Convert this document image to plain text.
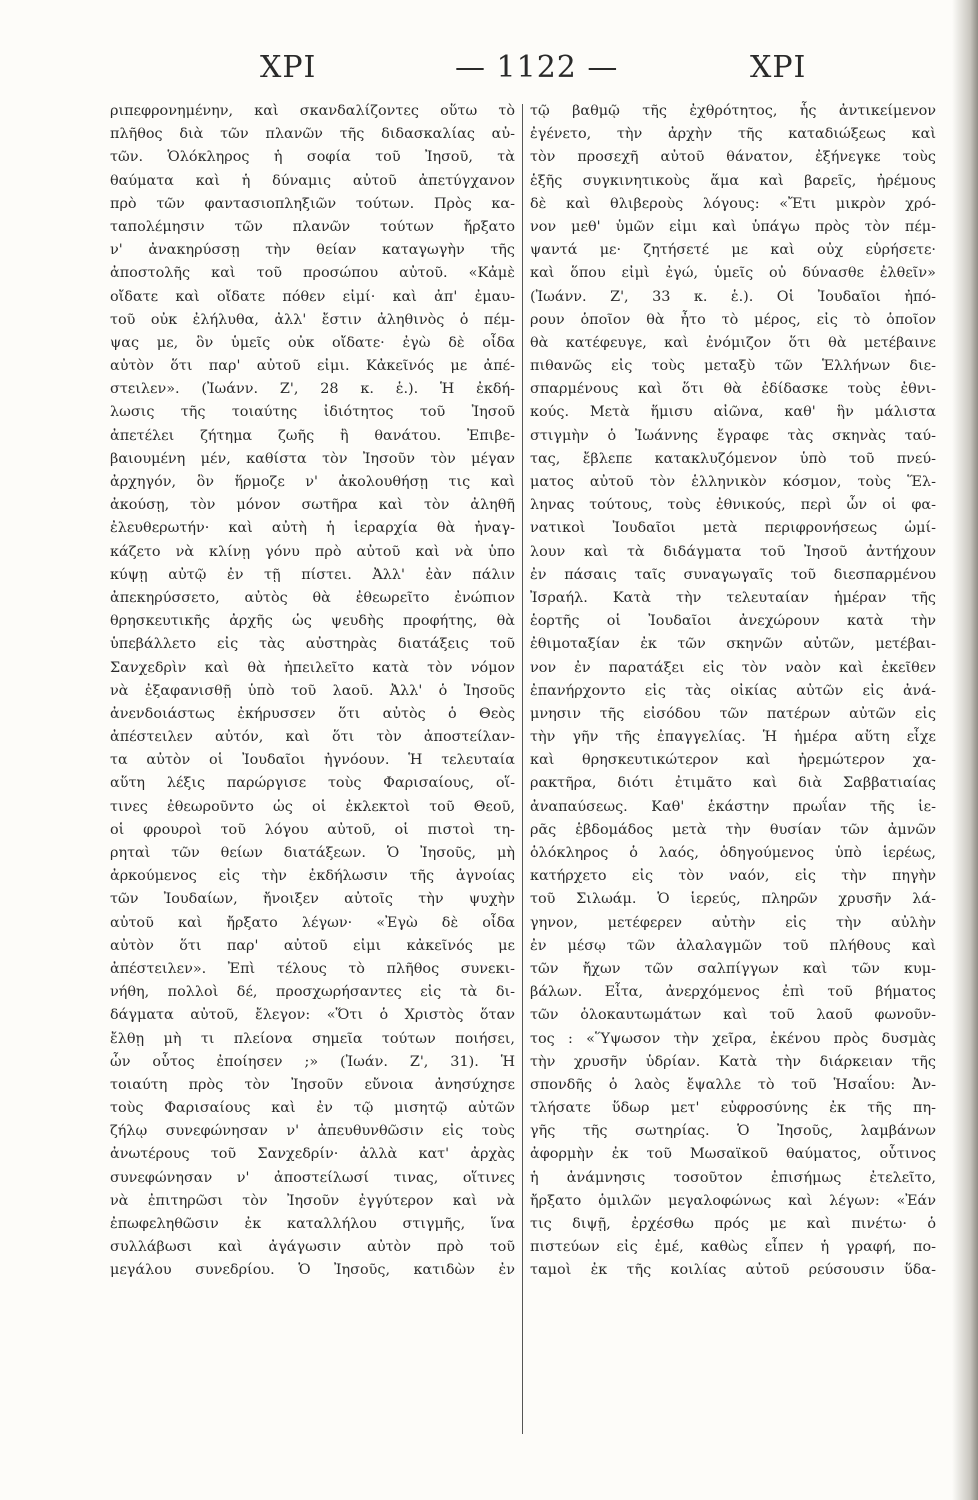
ΧΡΙ	— 1122 —	ΧΡΙ
ριπεφρονημένην, καὶ σκανδαλίζοντες οὕτω τὸ
πλῆθος διὰ τῶν πλανῶν τῆς διδασκαλίας αὐ-
τῶν. Ὁλόκληρος ἡ σοφία τοῦ Ἰησοῦ, τὰ
θαύματα καὶ ἡ δύναμις αὐτοῦ ἀπετύγχανον
πρὸ τῶν φαντασιοπληξιῶν τούτων. Πρὸς κα-
ταπολέμησιν τῶν πλανῶν τούτων ἤρξατο
ν' ἀνακηρύσσῃ τὴν θείαν καταγωγὴν τῆς
ἀποστολῆς καὶ τοῦ προσώπου αὐτοῦ. «Κἀμὲ
οἴδατε καὶ οἴδατε πόθεν εἰμί· καὶ ἀπ' ἐμαυ-
τοῦ οὐκ ἐλήλυθα, ἀλλ' ἔστιν ἀληθινὸς ὁ πέμ-
ψας με, ὃν ὑμεῖς οὐκ οἴδατε· ἐγὼ δὲ οἶδα
αὐτὸν ὅτι παρ' αὐτοῦ εἰμι. Κἀκεῖνός με ἀπέ-
στειλεν». (Ἰωάνν. Ζ', 28 κ. ἑ.). Ἡ ἐκδή-
λωσις τῆς τοιαύτης ἰδιότητος τοῦ Ἰησοῦ
ἀπετέλει ζήτημα ζωῆς ἢ θανάτου. Ἐπιβε-
βαιουμένη μέν, καθίστα τὸν Ἰησοῦν τὸν μέγαν
ἀρχηγόν, ὃν ἥρμοζε ν' ἀκολουθήσῃ τις καὶ
ἀκούσῃ, τὸν μόνον σωτῆρα καὶ τὸν ἀληθῆ
ἐλευθερωτήν· καὶ αὐτὴ ἡ ἱεραρχία θὰ ἠναγ-
κάζετο νὰ κλίνῃ γόνυ πρὸ αὐτοῦ καὶ νὰ ὑπο
κύψῃ αὐτῷ ἐν τῇ πίστει. Ἀλλ' ἐὰν πάλιν
ἀπεκηρύσσετο, αὐτὸς θὰ ἐθεωρεῖτο ἐνώπιον
θρησκευτικῆς ἀρχῆς ὡς ψευδὴς προφήτης, θὰ
ὑπεβάλλετο εἰς τὰς αὐστηρὰς διατάξεις τοῦ
Σανχεδρὶν καὶ θὰ ἠπειλεῖτο κατὰ τὸν νόμον
νὰ ἐξαφανισθῇ ὑπὸ τοῦ λαοῦ. Ἀλλ' ὁ Ἰησοῦς
ἀνενδοιάστως ἐκήρυσσεν ὅτι αὐτὸς ὁ Θεὸς
ἀπέστειλεν αὐτόν, καὶ ὅτι τὸν ἀποστείλαν-
τα αὐτὸν οἱ Ἰουδαῖοι ἠγνόουν. Ἡ τελευταία
αὕτη λέξις παρώργισε τοὺς Φαρισαίους, οἵ-
τινες ἐθεωροῦντο ὡς οἱ ἐκλεκτοὶ τοῦ Θεοῦ,
οἱ φρουροὶ τοῦ λόγου αὐτοῦ, οἱ πιστοὶ τη-
ρηταὶ τῶν θείων διατάξεων. Ὁ Ἰησοῦς, μὴ
ἀρκούμενος εἰς τὴν ἐκδήλωσιν τῆς ἀγνοίας
τῶν Ἰουδαίων, ἤνοιξεν αὐτοῖς τὴν ψυχὴν
αὐτοῦ καὶ ἤρξατο λέγων· «Ἐγὼ δὲ οἶδα
αὐτὸν ὅτι παρ' αὐτοῦ εἰμι κἀκεῖνός με
ἀπέστειλεν». Ἐπὶ τέλους τὸ πλῆθος συνεκι-
νήθη, πολλοὶ δέ, προσχωρήσαντες εἰς τὰ δι-
δάγματα αὐτοῦ, ἔλεγον: «Ὅτι ὁ Χριστὸς ὅταν
ἔλθῃ μὴ τι πλείονα σημεῖα τούτων ποιήσει,
ὧν οὗτος ἐποίησεν ;» (Ἰωάν. Ζ', 31). Ἡ
τοιαύτη πρὸς τὸν Ἰησοῦν εὔνοια ἀνησύχησε
τοὺς Φαρισαίους καὶ ἐν τῷ μισητῷ αὐτῶν
ζήλῳ συνεφώνησαν ν' ἀπευθυνθῶσιν εἰς τοὺς
ἀνωτέρους τοῦ Σανχεδρίν· ἀλλὰ κατ' ἀρχὰς
συνεφώνησαν ν' ἀποστείλωσί τινας, οἵτινες
νὰ ἐπιτηρῶσι τὸν Ἰησοῦν ἐγγύτερον καὶ νὰ
ἐπωφεληθῶσιν ἐκ καταλλήλου στιγμῆς, ἵνα
συλλάβωσι καὶ ἀγάγωσιν αὐτὸν πρὸ τοῦ
μεγάλου συνεδρίου. Ὁ Ἰησοῦς, κατιδὼν ἐν
τῷ βαθμῷ τῆς ἐχθρότητος, ἧς ἀντικείμενον
ἐγένετο, τὴν ἀρχὴν τῆς καταδιώξεως καὶ
τὸν προσεχῆ αὐτοῦ θάνατον, ἐξήνεγκε τοὺς
ἑξῆς συγκινητικοὺς ἅμα καὶ βαρεῖς, ἠρέμους
δὲ καὶ θλιβεροὺς λόγους: «Ἔτι μικρὸν χρό-
νον μεθ' ὑμῶν εἰμι καὶ ὑπάγω πρὸς τὸν πέμ-
ψαντά με· ζητήσετέ με καὶ οὐχ εὑρήσετε·
καὶ ὅπου εἰμὶ ἐγώ, ὑμεῖς οὐ δύνασθε ἐλθεῖν»
(Ἰωάνν. Ζ', 33 κ. ἑ.). Οἱ Ἰουδαῖοι ἠπό-
ρουν ὁποῖον θὰ ἦτο τὸ μέρος, εἰς τὸ ὁποῖον
θὰ κατέφευγε, καὶ ἐνόμιζον ὅτι θὰ μετέβαινε
πιθανῶς εἰς τοὺς μεταξὺ τῶν Ἑλλήνων διε-
σπαρμένους καὶ ὅτι θὰ ἐδίδασκε τοὺς ἐθνι-
κούς. Μετὰ ἥμισυ αἰῶνα, καθ' ἣν μάλιστα
στιγμὴν ὁ Ἰωάννης ἔγραφε τὰς σκηνὰς ταύ-
τας, ἔβλεπε κατακλυζόμενον ὑπὸ τοῦ πνεύ-
ματος αὐτοῦ τὸν ἑλληνικὸν κόσμον, τοὺς Ἕλ-
ληνας τούτους, τοὺς ἐθνικούς, περὶ ὧν οἱ φα-
νατικοὶ Ἰουδαῖοι μετὰ περιφρονήσεως ὡμί-
λουν καὶ τὰ διδάγματα τοῦ Ἰησοῦ ἀντήχουν
ἐν πάσαις ταῖς συναγωγαῖς τοῦ διεσπαρμένου
Ἰσραήλ. Κατὰ τὴν τελευταίαν ἡμέραν τῆς
ἑορτῆς οἱ Ἰουδαῖοι ἀνεχώρουν κατὰ τὴν
ἐθιμοταξίαν ἐκ τῶν σκηνῶν αὐτῶν, μετέβαι-
νον ἐν παρατάξει εἰς τὸν ναὸν καὶ ἐκεῖθεν
ἐπανήρχοντο εἰς τὰς οἰκίας αὐτῶν εἰς ἀνά-
μνησιν τῆς εἰσόδου τῶν πατέρων αὐτῶν εἰς
τὴν γῆν τῆς ἐπαγγελίας. Ἡ ἡμέρα αὕτη εἶχε
καὶ θρησκευτικώτερον καὶ ἠρεμώτερον χα-
ρακτῆρα, διότι ἐτιμᾶτο καὶ διὰ Σαββατιαίας
ἀναπαύσεως. Καθ' ἑκάστην πρωΐαν τῆς ἱε-
ρᾶς ἑβδομάδος μετὰ τὴν θυσίαν τῶν ἀμνῶν
ὁλόκληρος ὁ λαός, ὁδηγούμενος ὑπὸ ἱερέως,
κατήρχετο εἰς τὸν ναόν, εἰς τὴν πηγὴν
τοῦ Σιλωάμ. Ὁ ἱερεύς, πληρῶν χρυσῆν λά-
γηνον, μετέφερεν αὐτὴν εἰς τὴν αὐλὴν
ἐν μέσῳ τῶν ἀλαλαγμῶν τοῦ πλήθους καὶ
τῶν ἤχων τῶν σαλπίγγων καὶ τῶν κυμ-
βάλων. Εἶτα, ἀνερχόμενος ἐπὶ τοῦ βήματος
τῶν ὁλοκαυτωμάτων καὶ τοῦ λαοῦ φωνοῦν-
τος : «Ὕψωσον τὴν χεῖρα, ἐκένου πρὸς δυσμὰς
τὴν χρυσῆν ὑδρίαν. Κατὰ τὴν διάρκειαν τῆς
σπονδῆς ὁ λαὸς ἔψαλλε τὸ τοῦ Ἡσαΐου: Ἀν-
τλήσατε ὕδωρ μετ' εὐφροσύνης ἐκ τῆς πη-
γῆς τῆς σωτηρίας. Ὁ Ἰησοῦς, λαμβάνων
ἀφορμὴν ἐκ τοῦ Μωσαϊκοῦ θαύματος, οὗτινος
ἡ ἀνάμνησις τοσοῦτον ἐπισήμως ἐτελεῖτο,
ἤρξατο ὁμιλῶν μεγαλοφώνως καὶ λέγων: «Ἐάν
τις διψῇ, ἐρχέσθω πρός με καὶ πινέτω· ὁ
πιστεύων εἰς ἐμέ, καθὼς εἶπεν ἡ γραφή, πο-
ταμοὶ ἐκ τῆς κοιλίας αὐτοῦ ρεύσουσιν ὕδα-
